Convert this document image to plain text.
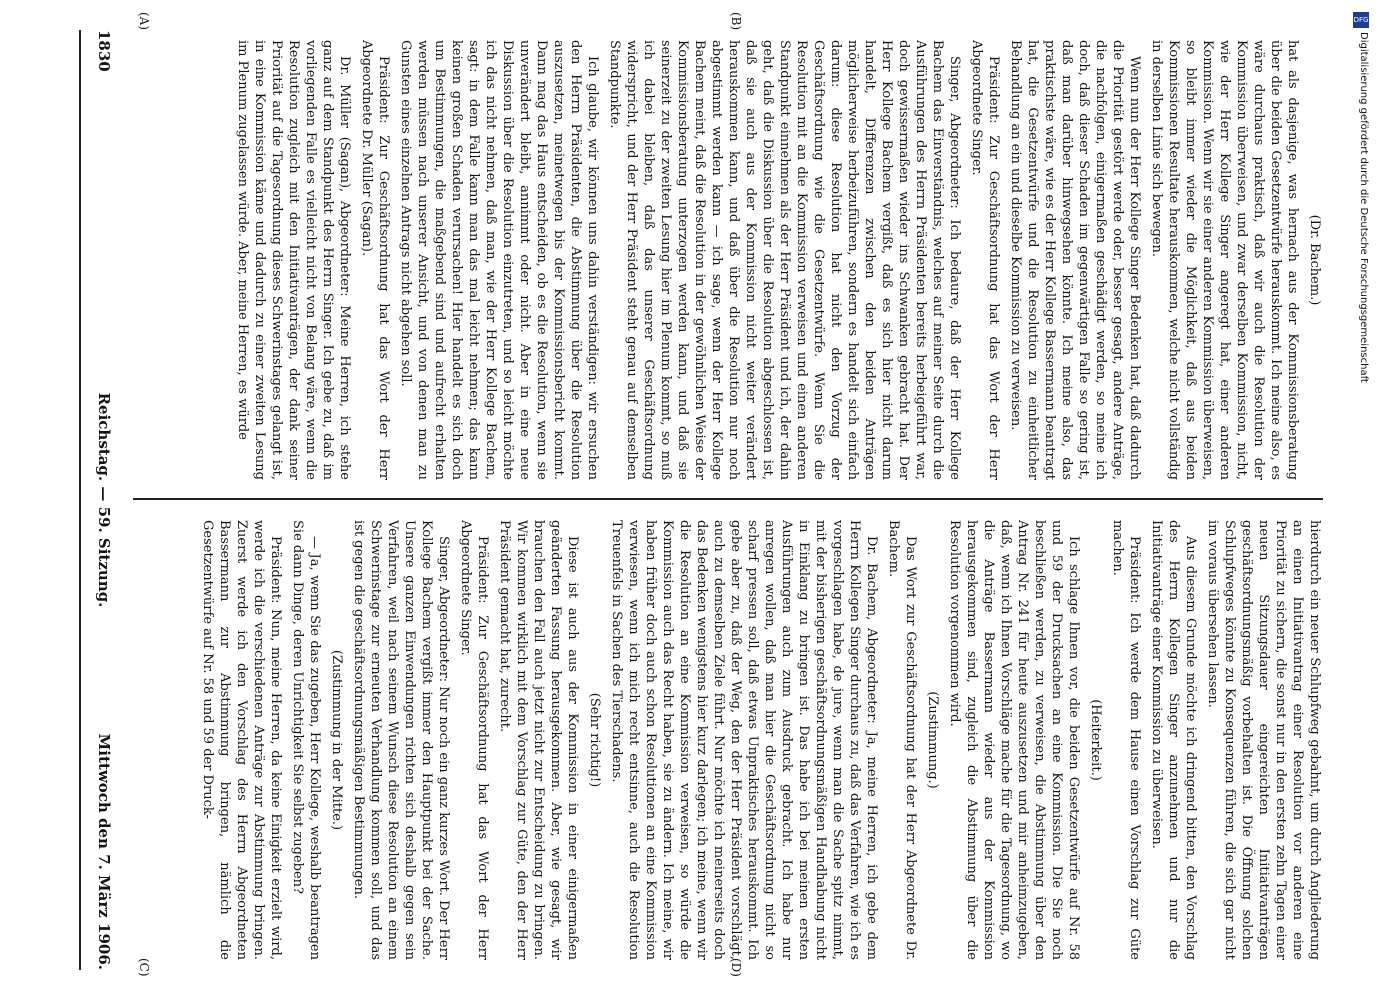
1830
Reichstag. — 59. Sitzung.
Mittwoch den 7. März 1906.

(Dr. Bachem.)

hat als dasjenige, was hernach aus der Kommissionsberatung über die beiden Gesetzentwürfe herauskommt. Ich meine also, es wäre durchaus praktisch, daß wir auch die Resolution der Kommission überweisen, und zwar derselben Kommission, nicht, wie der Herr Kollege Singer angeregt hat, einer anderen Kommission. Wenn wir sie einer anderen Kommission überweisen, so bleibt immer wieder die Möglichkeit, daß aus beiden Kommissionen Resultate herauskommen, welche nicht vollständig in derselben Linie sich bewegen.

Wenn nun der Herr Kollege Singer Bedenken hat, daß dadurch die Priorität gestört werde oder, besser gesagt, andere Anträge, die nachfolgen, einigermaßen geschädigt werden, so meine ich doch, daß dieser Schaden im gegenwärtigen Falle so gering ist, daß man darüber hinwegsehen könnte. Ich meine also, das praktischste wäre, wie es der Herr Kollege Bassermann beantragt hat, die Gesetzentwürfe und die Resolution zu einheitlicher Behandlung an ein und dieselbe Kommission zu verweisen.

Präsident: Zur Geschäftsordnung hat das Wort der Herr Abgeordnete Singer.

Singer, Abgeordneter: Ich bedaure, daß der Herr Kollege Bachem das Einverständnis, welches auf meiner Seite durch die Ausführungen des Herrn Präsidenten bereits herbeigeführt war, doch gewissermaßen wieder ins Schwanken gebracht hat. Der Herr Kollege Bachem vergißt, daß es sich hier nicht darum handelt, Differenzen zwischen den beiden Anträgen möglicherweise herbeizuführen, sondern es handelt sich einfach darum: diese Resolution hat nicht den Vorzug der Geschäftsordnung wie die Gesetzentwürfe. Wenn Sie die Resolution mit an die Kommission verweisen und einen anderen Standpunkt einnehmen als der Herr Präsident und ich, der dahin geht, daß die Diskussion über die Resolution abgeschlossen ist, daß sie auch aus der Kommission nicht weiter verändert herauskommen kann, und daß über die Resolution nur noch abgestimmt werden kann — ich sage, wenn der Herr Kollege Bachem meint, daß die Resolution in der gewöhnlichen Weise der Kommissionsberatung unterzogen werden kann, und daß sie seinerzeit zu der zweiten Lesung hier im Plenum kommt, so muß ich dabei bleiben, daß das unserer Geschäftsordnung widerspricht, und der Herr Präsident steht genau auf demselben Standpunkte.

Ich glaube, wir können uns dahin verständigen: wir ersuchen den Herrn Präsidenten, die Abstimmung über die Resolution auszusetzen, meinetwegen bis der Kommissionsbericht kommt. Dann mag das Haus entscheiden, ob es die Resolution, wenn sie unverändert bleibt, annimmt oder nicht. Aber in eine neue Diskussion über die Resolution einzutreten, und so leicht möchte ich das nicht nehmen, daß man, wie der Herr Kollege Bachem, sagt: in dem Falle kann man das mal leicht nehmen; das kann keinen großen Schaden verursachen! Hier handelt es sich doch um Bestimmungen, die maßgebend sind und aufrecht erhalten werden müssen nach unserer Ansicht, und von denen man zu Gunsten eines einzelnen Antrags nicht abgehen soll.

Präsident: Zur Geschäftsordnung hat das Wort der Herr Abgeordnete Dr. Müller (Sagan).

Dr. Müller (Sagan), Abgeordneter: Meine Herren, ich stehe ganz auf dem Standpunkt des Herrn Singer. Ich gebe zu, daß im vorliegenden Falle es vielleicht nicht von Belang wäre, wenn die Resolution zugleich mit den Initiativanträgen, der dank seiner Priorität auf die Tagesordnung dieses Schwerinstages gelangt ist, in eine Kommission käme und dadurch zu einer zweiten Lesung im Plenum zugelassen würde. Aber, meine Herren, es würde

hierdurch ein neuer Schlupfweg gebahnt, um durch Angliederung an einen Initiativantrag einer Resolution vor anderen eine Priorität zu sichern, die sonst nur in den ersten zehn Tagen einer neuen Sitzungsdauer eingereichten Initiativanträgen geschäftsordnungsmäßig vorbehalten ist. Die Öffnung solchen Schlupfweges könnte zu Konsequenzen führen, die sich gar nicht im voraus übersehen lassen.

Aus diesem Grunde möchte ich dringend bitten, den Vorschlag des Herrn Kollegen Singer anzunehmen und nur die Initiativanträge einer Kommission zu überweisen.

Präsident: Ich werde dem Hause einen Vorschlag zur Güte machen.

(Heiterkeit.)

Ich schlage Ihnen vor, die beiden Gesetzentwürfe auf Nr. 58 und 59 der Drucksachen an eine Kommission. Die Sie noch beschließen werden, zu verweisen, die Abstimmung über den Antrag Nr. 241 für heute auszusetzen und mir anheimzugeben, daß, wenn ich Ihnen Vorschläge mache für die Tagesordnung, wo die Anträge Bassermann wieder aus der Kommission herausgekommen sind, zugleich die Abstimmung über die Resolution vorgenommen wird.

(Zustimmung.)

Das Wort zur Geschäftsordnung hat der Herr Abgeordnete Dr. Bachem.

Dr. Bachem, Abgeordneter: Ja, meine Herren, ich gebe dem Herrn Kollegen Singer durchaus zu, daß das Verfahren, wie ich es vorgeschlagen habe, de jure, wenn man die Sache spitz nimmt, mit der bisherigen geschäftsordnungsmäßigen Handhabung nicht in Einklang zu bringen ist. Das habe ich bei meinen ersten Ausführungen auch zum Ausdruck gebracht. Ich habe nur anregen wollen, daß man hier die Geschäftsordnung nicht so scharf pressen soll, daß etwas Unpraktisches herauskommt. Ich gebe aber zu, daß der Weg, den der Herr Präsident vorschlägt, auch zu demselben Ziele führt. Nur möchte ich meinerseits doch das Bedenken wenigstens hier kurz darlegen; ich meine, wenn wir die Resolution an eine Kommission verweisen, so würde die Kommission auch das Recht haben, sie zu ändern. Ich meine, wir haben früher doch auch schon Resolutionen an eine Kommission verwiesen, wenn ich mich recht entsinne, auch die Resolution Treuenfels in Sachen des Tierschadens.

(Sehr richtig!)

Diese ist auch aus der Kommission in einer einigermaßen geänderten Fassung herausgekommen. Aber, wie gesagt, wir brauchen den Fall auch jetzt nicht zur Entscheidung zu bringen. Wir kommen wirklich mit dem Vorschlag zur Güte, den der Herr Präsident gemacht hat, zurecht.

Präsident: Zur Geschäftsordnung hat das Wort der Herr Abgeordnete Singer.

Singer, Abgeordneter: Nur noch ein ganz kurzes Wort. Der Herr Kollege Bachem vergißt immer den Hauptpunkt bei der Sache. Unsere ganzen Einwendungen richten sich deshalb gegen sein Verfahren, weil nach seinem Wunsch diese Resolution an einem Schwerinstage zur erneuten Verhandlung kommen soll, und das ist gegen die geschäftsordnungsmäßigen Bestimmungen.

(Zustimmung in der Mitte.)

— Ja, wenn Sie das zugeben, Herr Kollege, weshalb beantragen Sie dann Dinge, deren Unrichtigkeit Sie selbst zugeben?

Präsident: Nun, meine Herren, da keine Einigkeit erzielt wird, werde ich die verschiedenen Anträge zur Abstimmung bringen. Zuerst werde ich den Vorschlag des Herrn Abgeordneten Bassermann zur Abstimmung bringen, nämlich die Gesetzentwürfe auf Nr. 58 und 59 der Druck-

(A)	(B)
(C)	(D)
DFG
Digitalisierung gefördert durch die Deutsche Forschungsgemeinschaft
